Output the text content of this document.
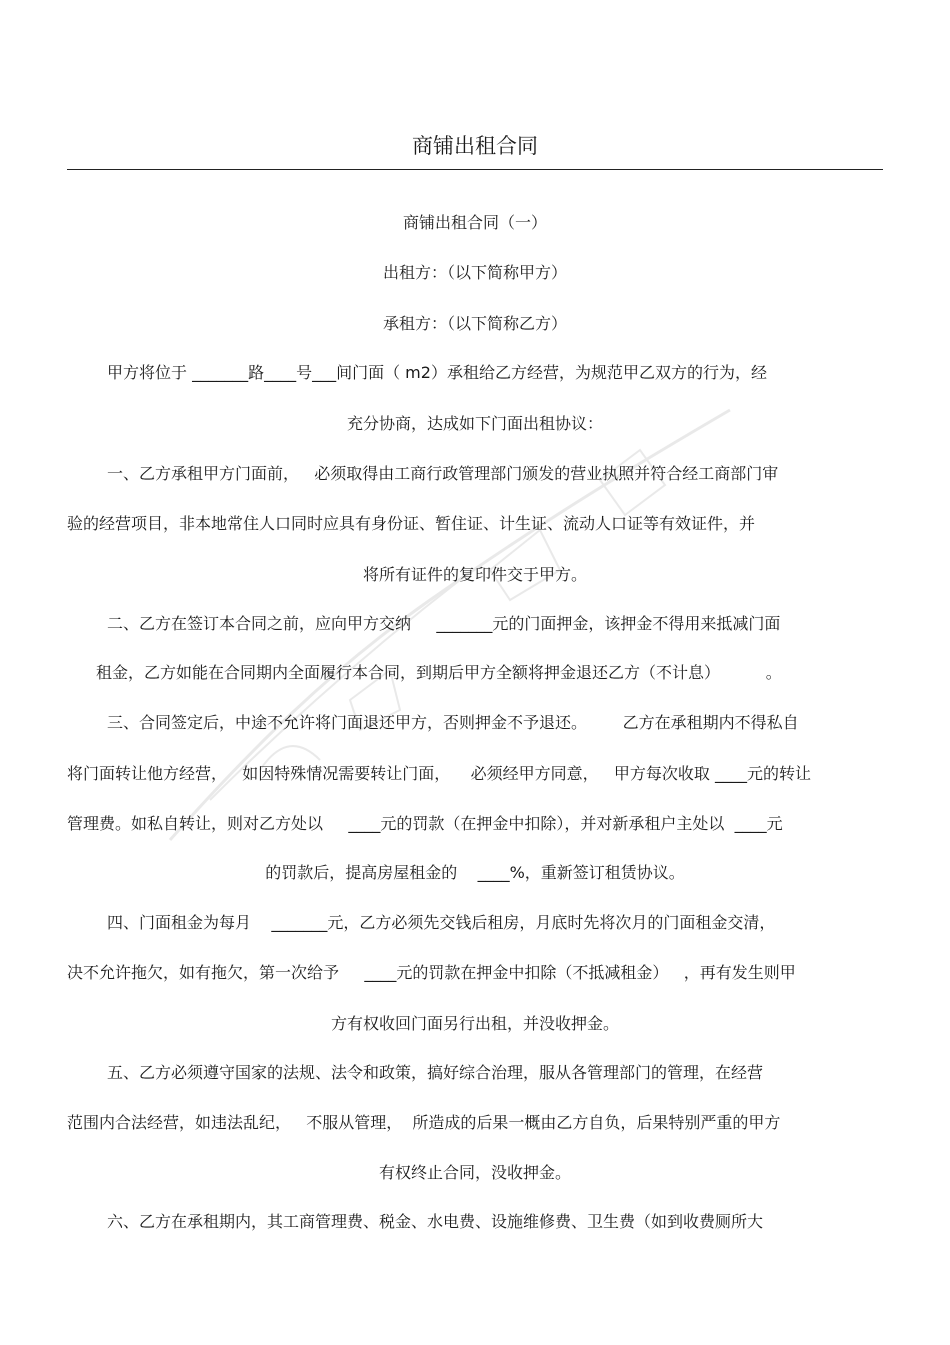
商铺出租合同
商铺出租合同（一）
出租方：（以下简称甲方）
承租方：（以下简称乙方）
甲方将位于 _______路____号___间门面（ m2）承租给乙方经营，为规范甲乙双方的行为，经
充分协商，达成如下门面出租协议：
一、乙方承租甲方门面前，   必须取得由工商行政管理部门颁发的营业执照并符合经工商部门审
验的经营项目，非本地常住人口同时应具有身份证、暂住证、计生证、流动人口证等有效证件，并
将所有证件的复印件交于甲方。
二、乙方在签订本合同之前，应向甲方交纳     _______元的门面押金，该押金不得用来抵减门面
租金，乙方如能在合同期内全面履行本合同，到期后甲方全额将押金退还乙方（不计息）         。
三、合同签定后，中途不允许将门面退还甲方，否则押金不予退还。       乙方在承租期内不得私自
将门面转让他方经营，   如因特殊情况需要转让门面，    必须经甲方同意，   甲方每次收取 ____元的转让
管理费。如私自转让，则对乙方处以     ____元的罚款（在押金中扣除），并对新承租户主处以  ____元
的罚款后，提高房屋租金的    ____%，重新签订租赁协议。
四、门面租金为每月    _______元，乙方必须先交钱后租房，月底时先将次月的门面租金交清，
决不允许拖欠，如有拖欠，第一次给予     ____元的罚款在押金中扣除（不抵减租金）   ，再有发生则甲
方有权收回门面另行出租，并没收押金。
五、乙方必须遵守国家的法规、法令和政策，搞好综合治理，服从各管理部门的管理，在经营
范围内合法经营，如违法乱纪，   不服从管理，  所造成的后果一概由乙方自负，后果特别严重的甲方
有权终止合同，没收押金。
六、乙方在承租期内，其工商管理费、税金、水电费、设施维修费、卫生费（如到收费厕所大
